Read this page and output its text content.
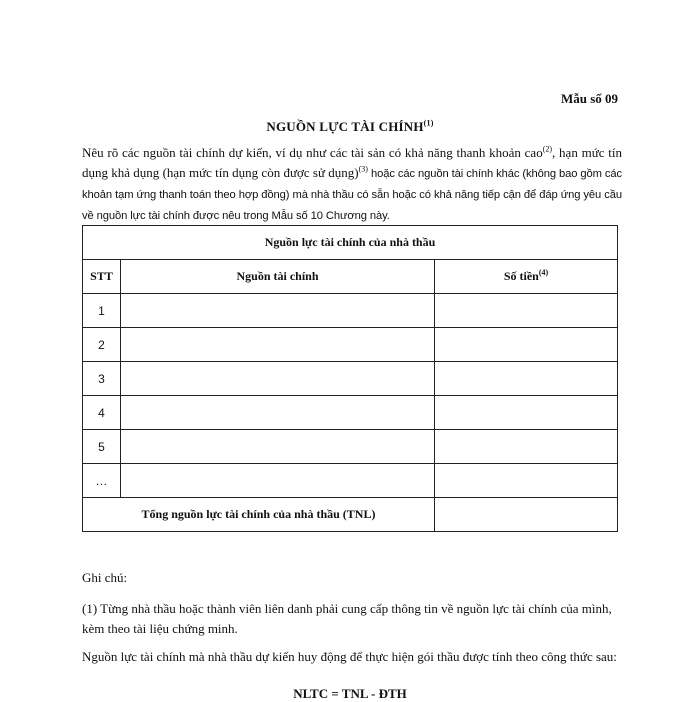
Mẫu số 09
NGUỒN LỰC TÀI CHÍNH$^{(1)}$
Nêu rõ các nguồn tài chính dự kiến, ví dụ như các tài sản có khả năng thanh khoản cao$^{(2)}$, hạn mức tín dụng khả dụng (hạn mức tín dụng còn được sử dụng)$^{(3)}$ hoặc các nguồn tài chính khác (không bao gồm các khoản tạm ứng thanh toán theo hợp đồng) mà nhà thầu có sẵn hoặc có khả năng tiếp cận để đáp ứng yêu cầu về nguồn lực tài chính được nêu trong Mẫu số 10 Chương này.
Nguồn lực tài chính của nhà thầu		
STT	Nguồn tài chính	Số tiền$^{(4)}$
1		
2		
3		
4		
5		
…		
Tổng nguồn lực tài chính của nhà thầu (TNL)		

Ghi chú:

(1) Từng nhà thầu hoặc thành viên liên danh phải cung cấp thông tin về nguồn lực tài chính của mình, kèm theo tài liệu chứng minh.

Nguồn lực tài chính mà nhà thầu dự kiến huy động để thực hiện gói thầu được tính theo công thức sau:

NLTC = TNL - ĐTH
